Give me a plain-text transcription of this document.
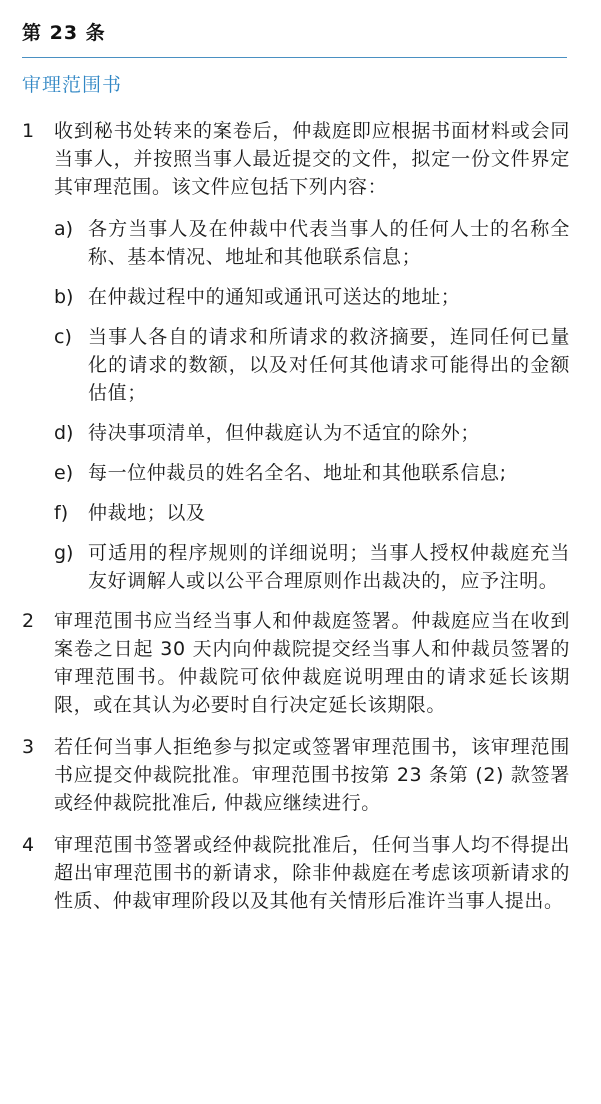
第 23 条
审理范围书
1	收到秘书处转来的案卷后，仲裁庭即应根据书面材料或会同当事人，并按照当事人最近提交的文件，拟定一份文件界定其审理范围。该文件应包括下列内容：
a) 各方当事人及在仲裁中代表当事人的任何人士的名称全称、基本情况、地址和其他联系信息；
b) 在仲裁过程中的通知或通讯可送达的地址；
c) 当事人各自的请求和所请求的救济摘要，连同任何已量化的请求的数额，以及对任何其他请求可能得出的金额估值；
d) 待决事项清单，但仲裁庭认为不适宜的除外；
e) 每一位仲裁员的姓名全名、地址和其他联系信息;
f)	仲裁地；以及
g) 可适用的程序规则的详细说明；当事人授权仲裁庭充当友好调解人或以公平合理原则作出裁决的，应予注明。
2	审理范围书应当经当事人和仲裁庭签署。仲裁庭应当在收到案卷之日起 30 天内向仲裁院提交经当事人和仲裁员签署的审理范围书。仲裁院可依仲裁庭说明理由的请求延长该期限，或在其认为必要时自行决定延长该期限。
3	若任何当事人拒绝参与拟定或签署审理范围书，该审理范围书应提交仲裁院批准。审理范围书按第 23 条第 (2) 款签署或经仲裁院批准后, 仲裁应继续进行。
4	审理范围书签署或经仲裁院批准后，任何当事人均不得提出超出审理范围书的新请求，除非仲裁庭在考虑该项新请求的性质、仲裁审理阶段以及其他有关情形后准许当事人提出。
